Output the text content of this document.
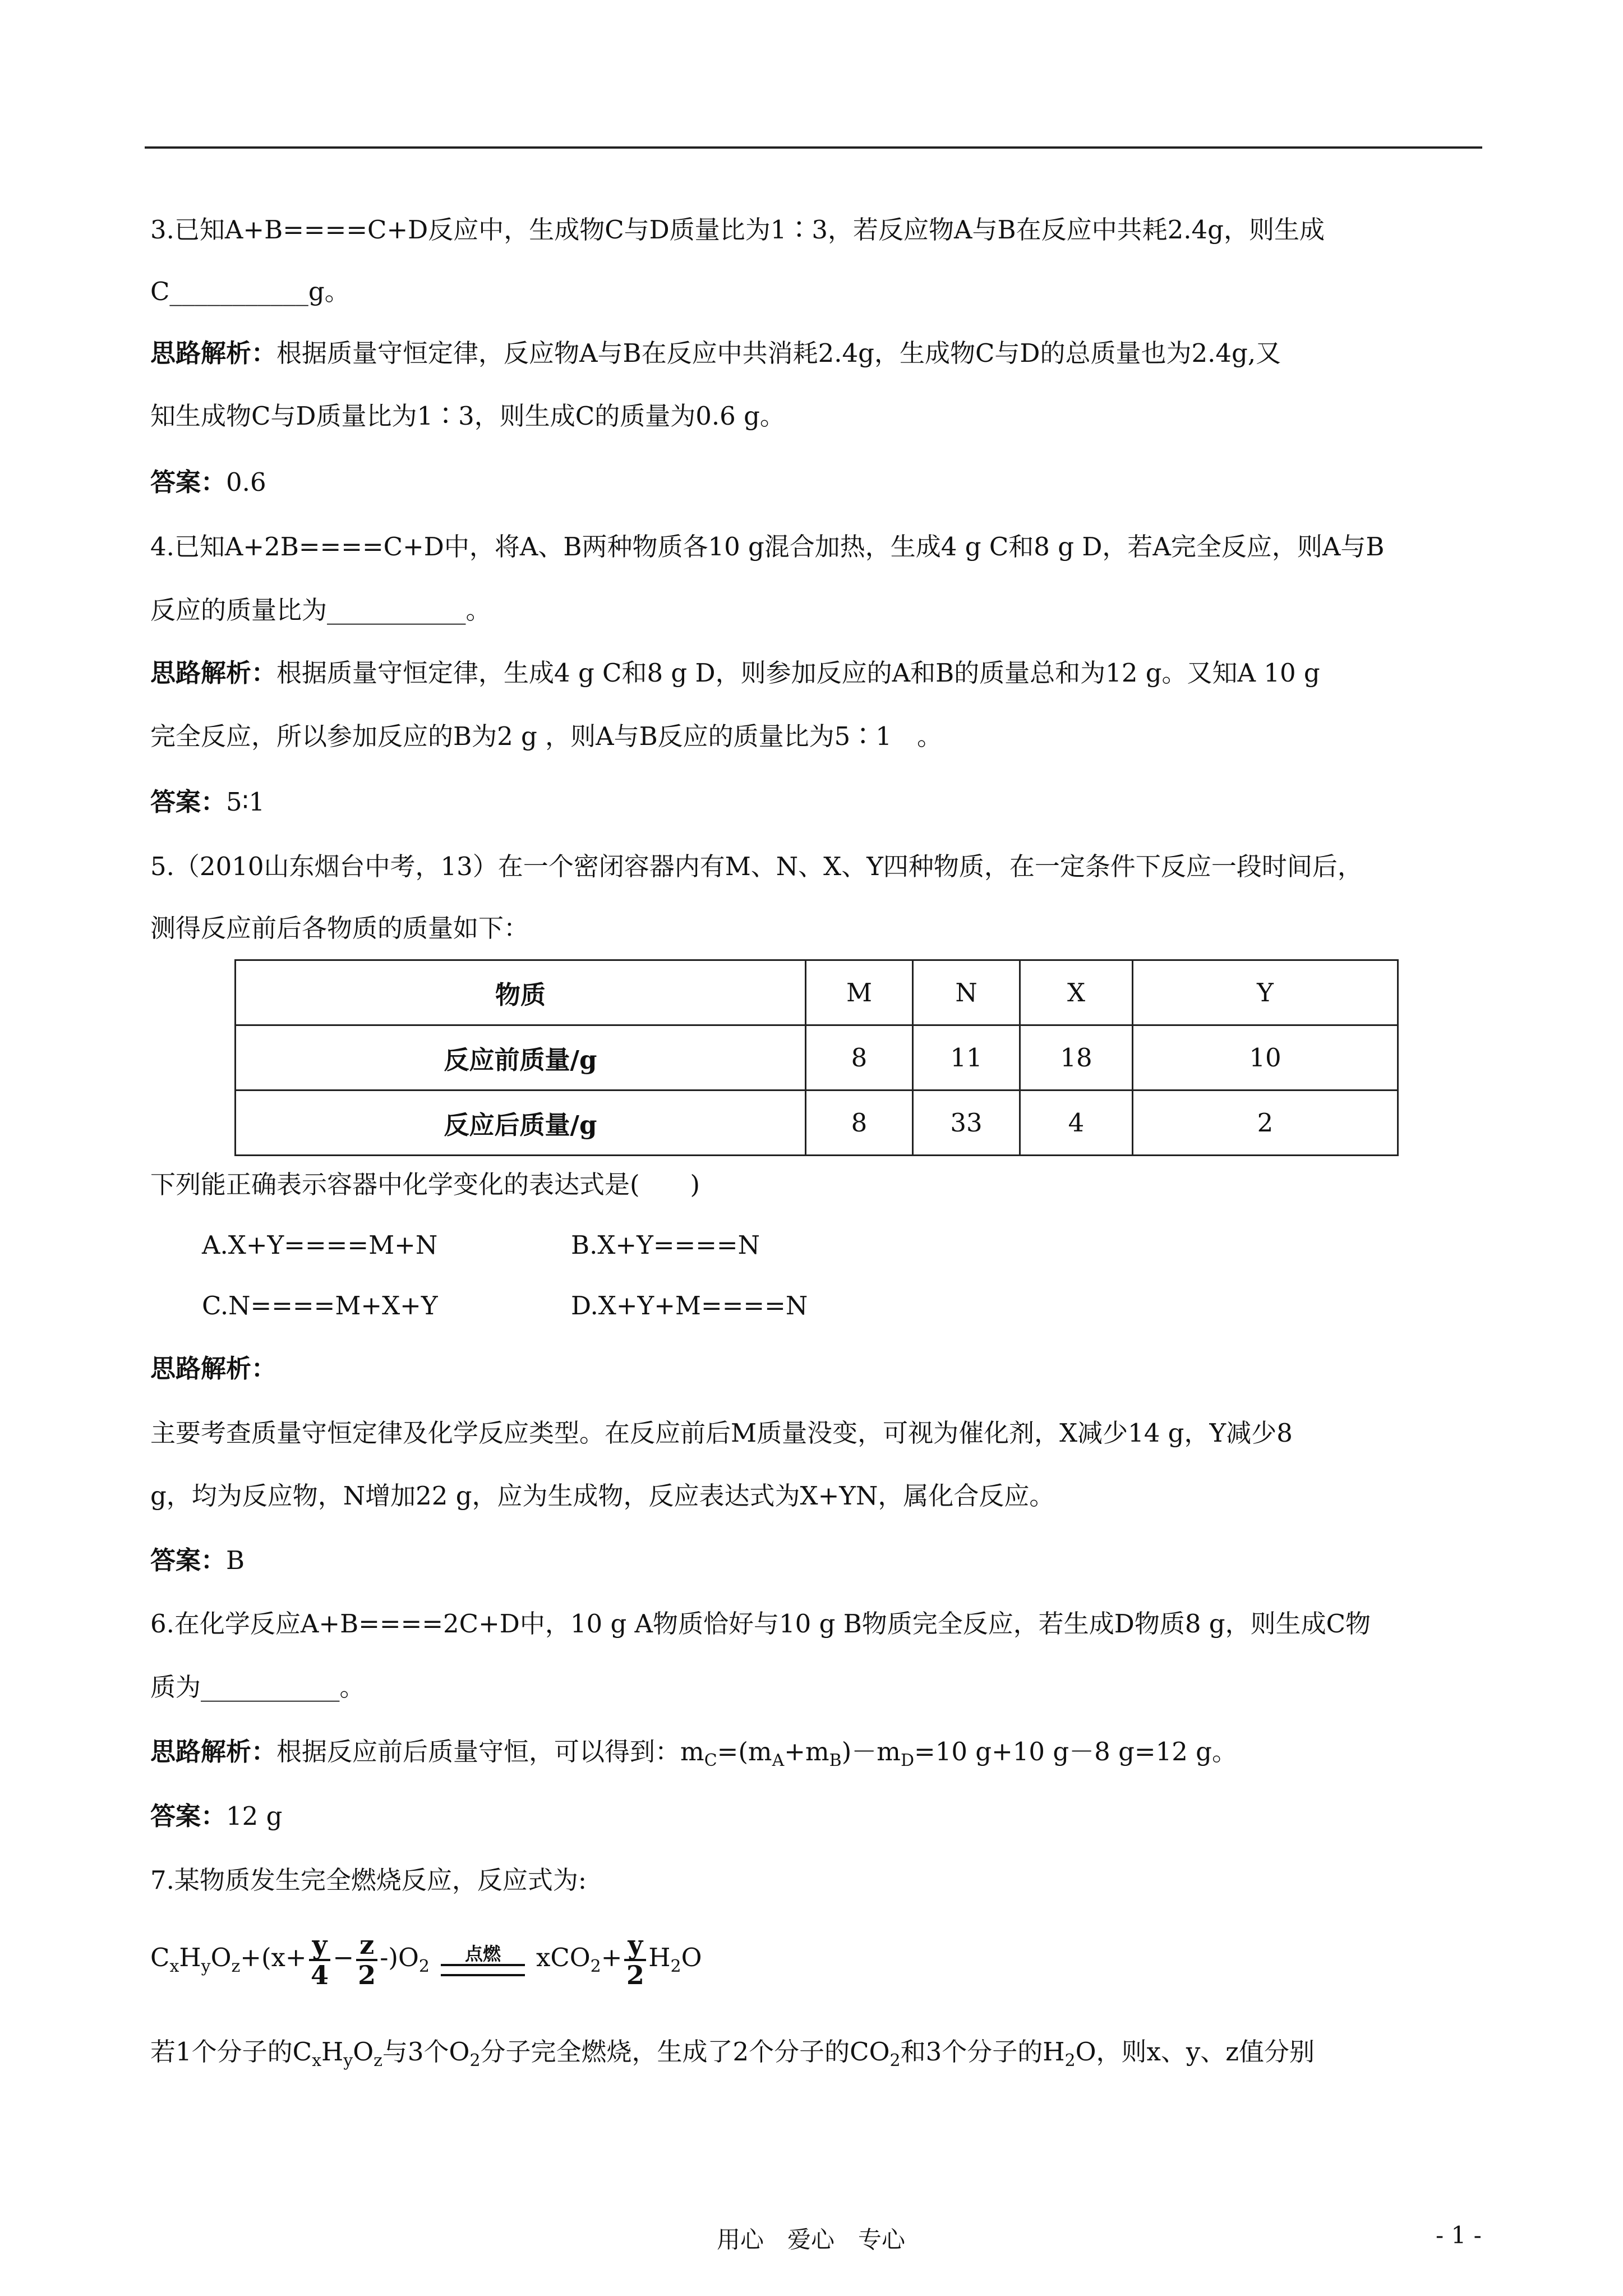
3.已知A+B====C+D反应中，生成物C与D质量比为1∶3，若反应物A与B在反应中共耗2.4g，则生成
C___________g。
思路解析：根据质量守恒定律，反应物A与B在反应中共消耗2.4g，生成物C与D的总质量也为2.4g,又
知生成物C与D质量比为1∶3，则生成C的质量为0.6 g。
答案：0.6
4.已知A+2B====C+D中，将A、B两种物质各10 g混合加热，生成4 g C和8 g D，若A完全反应，则A与B
反应的质量比为___________。
思路解析：根据质量守恒定律，生成4 g C和8 g D，则参加反应的A和B的质量总和为12 g。又知A 10 g
完全反应，所以参加反应的B为2 g ，则A与B反应的质量比为5∶1　。
答案：5∶1
5.（2010山东烟台中考，13）在一个密闭容器内有M、N、X、Y四种物质，在一定条件下反应一段时间后，
测得反应前后各物质的质量如下：
物质	M	N	X	Y
反应前质量/g	8	11	18	10
反应后质量/g	8	33	4	2
下列能正确表示容器中化学变化的表达式是(　　)
A.X+Y====M+N	B.X+Y====N
C.N====M+X+Y	D.X+Y+M====N
思路解析：
主要考查质量守恒定律及化学反应类型。在反应前后M质量没变，可视为催化剂，X减少14 g，Y减少8
g，均为反应物，N增加22 g，应为生成物，反应表达式为X+YN，属化合反应。
答案：B
6.在化学反应A+B====2C+D中，10 g A物质恰好与10 g B物质完全反应，若生成D物质8 g，则生成C物
质为___________。
思路解析：根据反应前后质量守恒，可以得到：$m_C=(m_A+m_B)-m_D=10$ g+10 g－8 g=12 g。
答案：12 g
7.某物质发生完全燃烧反应，反应式为:
$C_xH_yO_z+(x+ \frac{y}{4} - \frac{z}{2} -)O_2$
点燃	$xCO_2+ \frac{y}{2} H_2O$
若1个分子的$C_xH_yO_z$与3个$O_2$分子完全燃烧，生成了2个分子的$CO_2$和3个分子的$H_2O$，则x、y、z值分别
用心　爱心　专心	- 1 -
